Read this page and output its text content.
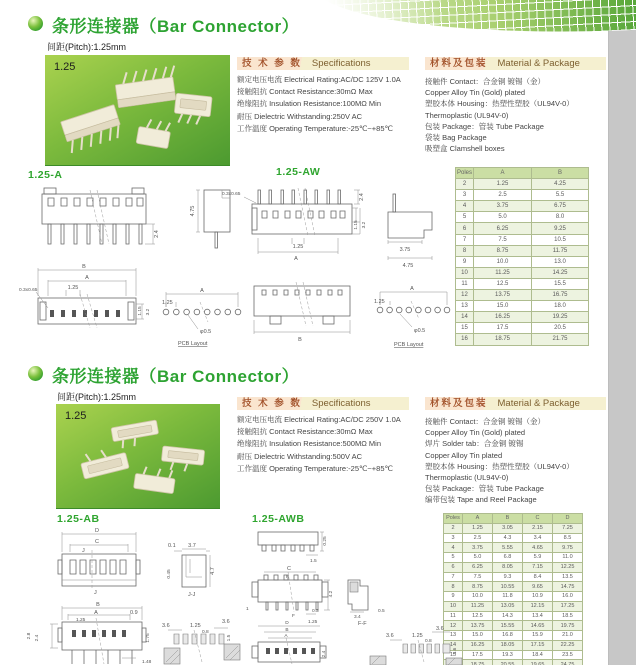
条形连接器（Bar Connector）
间距(Pitch):1.25mm
1.25	技 术 参 数 Specifications
额定电压电流 Electrical Rating:AC/DC 125V 1.0A
接触阻抗 Contact Resistance:30mΩ Max
绝缘阻抗 Insulation Resistance:100MΩ Min
耐压 Dielectric Withstanding:250V AC
工作温度 Operating Temperature:-25℃~+85℃
材料及包装 Material & Package
接触件 Contact：合金铜 镀锡（金）
Copper Alloy Tin (Gold) plated
塑胶本体 Housing：热塑性塑胶（UL94V-0）
Thermoplastic (UL94V-0)
包装 Package：管装 Tube Package
袋装 Bag Package
吸塑盒 Clamshell boxes
Poles	A	B
2	1.25	4.25
3	2.5	5.5
4	3.75	6.75
5	5.0	8.0
6	6.25	9.25
7	7.5	10.5
8	8.75	11.75
9	10.0	13.0
10	11.25	14.25
11	12.5	15.5
12	13.75	16.75
13	15.0	18.0
14	16.25	19.25
15	17.5	20.5
16	18.75	21.75
1.25-A	1.25-AW
2.4
4.75
0.3x0.65
B
A
1.25
0.3x0.65
1.15 3.2
A
1.25
φ0.5
PCB Layout
2.4
1.15 3.2
1.25
A
3.75
4.75
B
A
1.25
φ0.5
PCB Layout
条形连接器（Bar Connector）
间距(Pitch):1.25mm
1.25
技 术 参 数 Specifications
额定电压电流 Electrical Rating:AC/DC 250V 1.0A
接触阻抗 Contact Resistance:30mΩ Max
绝缘阻抗 Insulation Resistance:500MΩ Min
耐压 Dielectric Withstanding:500V AC
工作温度 Operating Temperature:-25℃~+85℃
材料及包装 Material & Package
接触件 Contact：合金铜 镀锡（金）
Copper Alloy Tin (Gold) plated
焊片 Solder tab：合金铜 镀锡
Copper Alloy Tin plated
塑胶本体 Housing：热塑性塑胶（UL94V-0）
Thermoplastic (UL94V-0)
包装 Package：管装 Tube Package
编带包装 Tape and Reel Package
Poles	A	B	C	D
2	1.25	3.05	2.15	7.25
3	2.5	4.3	3.4	8.5
4	3.75	5.55	4.65	9.75
5	5.0	6.8	5.9	11.0
6	6.25	8.05	7.15	12.25
7	7.5	9.3	8.4	13.5
8	8.75	10.55	9.65	14.75
9	10.0	11.8	10.9	16.0
10	11.25	13.05	12.15	17.25
11	12.5	14.3	13.4	18.5
12	13.75	15.55	14.65	19.75
13	15.0	16.8	15.9	21.0
14	16.25	18.05	17.15	22.25
15	17.5	19.3	18.4	23.5
	18.75	20.55	19.65	24.75
1.25-AB	1.25-AWB
D
C
J
J
0.1 3.7
0.45	4.7
J-J
B
A	0.9
1.25
2.8 2.4	1.75
1.48
3.6	1.25
0.8
3.6
1.5
0.25
1.5
C
F
4.2
1	0.3
1.25
F	3.4
0.5
F-F
D
B
A
2.4
3.6
3.6	1.25
0.8
1.6
